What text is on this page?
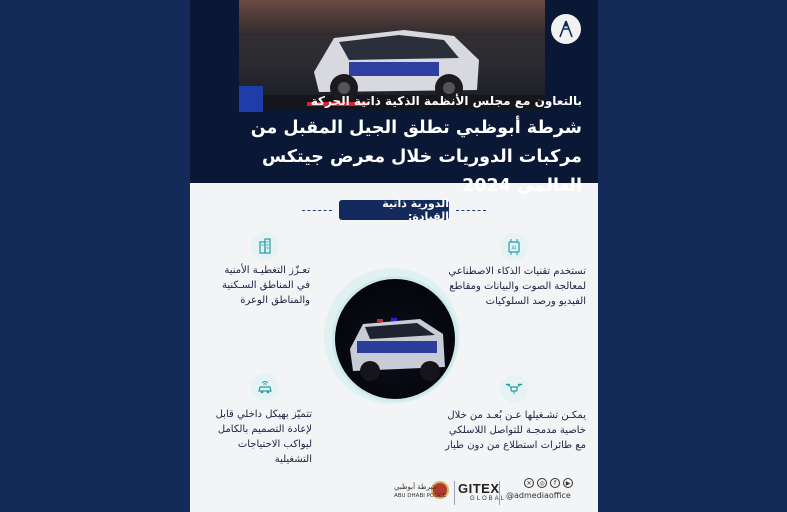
بالتعاون مع مجلس الأنظمة الذكية ذاتية الحركة
شرطة أبوظبي تطلق الجيل المقبل من مركبات الدوريات خلال معرض جيتكس العالمي 2024
الدورية ذاتية القيادة:
تعـزّز التغطيـة الأمنية في المناطق السـكنية والمناطق الوعرة
AI
تستخدم تقنيات الذكاء الاصطناعي لمعالجة الصوت والبيانات ومقاطع الفيديو ورصد السلوكيات
تتميّز بهيكل داخلي قابل لإعادة التصميم بالكامل ليواكب الاحتياجات التشغيلية
يمكـن تشـغيلها عـن بُعـد من خلال خاصية مدمجـة للتواصل اللاسلكي مع طائرات استطلاع من دون طيار
✕	◎	f	▶
@admediaoffice
GITEX
GLOBAL
شرطة أبوظبي
ABU DHABI POLICE
